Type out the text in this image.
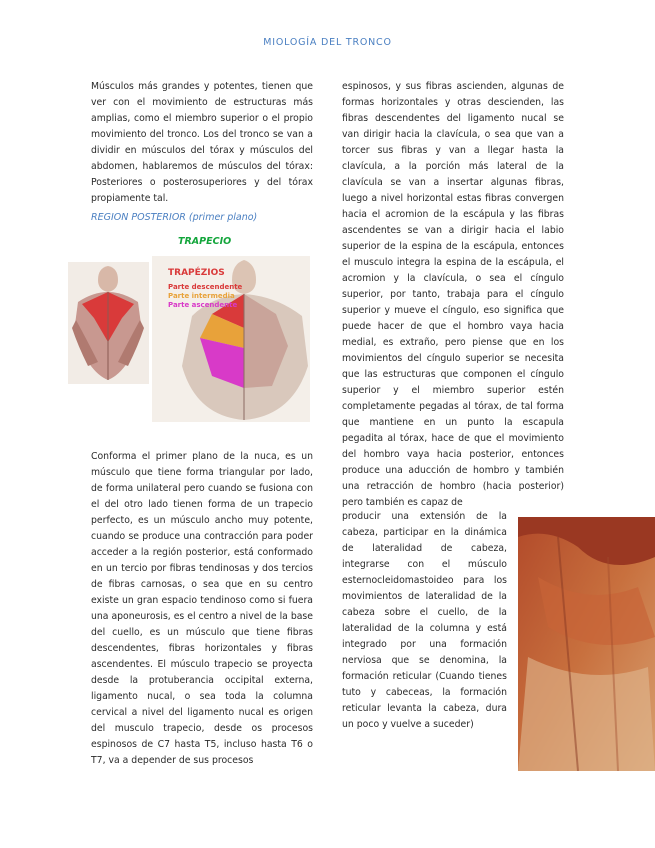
MIOLOGÍA DEL TRONCO

Músculos más grandes y potentes, tienen que ver con el movimiento de estructuras más amplias, como el miembro superior o el propio movimiento del tronco. Los del tronco se van a dividir en músculos del tórax y músculos del abdomen, hablaremos de músculos del tórax: Posteriores o posterosuperiores y del tórax propiamente tal.

REGION POSTERIOR (primer plano)
TRAPECIO
TRAPÉZIOS
Parte descendente
Parte intermedia
Parte ascendente

Conforma el primer plano de la nuca, es un músculo que tiene forma triangular por lado, de forma unilateral pero cuando se fusiona con el del otro lado tienen forma de un trapecio perfecto, es un músculo ancho muy potente, cuando se produce una contracción para poder acceder a la región posterior, está conformado en un tercio por fibras tendinosas y dos tercios de fibras carnosas, o sea que en su centro existe un gran espacio tendinoso como si fuera una aponeurosis, es el centro a nivel de la base del cuello, es un músculo que tiene fibras descendentes, fibras horizontales y fibras ascendentes. El músculo trapecio se proyecta desde la protuberancia occipital externa, ligamento nucal, o sea toda la columna cervical a nivel del ligamento nucal es origen del musculo trapecio, desde os procesos espinosos de C7 hasta T5, incluso hasta T6 o T7, va a depender de sus procesos

espinosos, y sus fibras ascienden, algunas de formas horizontales y otras descienden, las fibras descendentes del ligamento nucal se van dirigir hacia la clavícula, o sea que van a torcer sus fibras y van a llegar hasta la clavícula, a la porción más lateral de la clavícula se van a insertar algunas fibras, luego a nivel horizontal estas fibras convergen hacia el acromion de la escápula y las fibras ascendentes se van a dirigir hacia el labio superior de la espina de la escápula, entonces el musculo integra la espina de la escápula, el acromion y la clavícula, o sea el cíngulo superior, por tanto, trabaja para el cíngulo superior y mueve el cíngulo, eso significa que puede hacer de que el hombro vaya hacia medial, es extraño, pero piense que en los movimientos del cíngulo superior se necesita que las estructuras que componen el cíngulo superior y el miembro superior estén completamente pegadas al tórax, de tal forma que mantiene en un punto la escapula pegadita al tórax, hace de que el movimiento del hombro vaya hacia posterior, entonces produce una aducción de hombro y también una retracción de hombro (hacia posterior) pero también es capaz de

producir una extensión de la cabeza, participar en la dinámica de lateralidad de cabeza, integrarse con el músculo esternocleidomastoideo para los movimientos de lateralidad de la cabeza sobre el cuello, de la lateralidad de la columna y está integrado por una formación nerviosa que se denomina, la formación reticular (Cuando tienes tuto y cabeceas, la formación reticular levanta la cabeza, dura un poco y vuelve a suceder)
